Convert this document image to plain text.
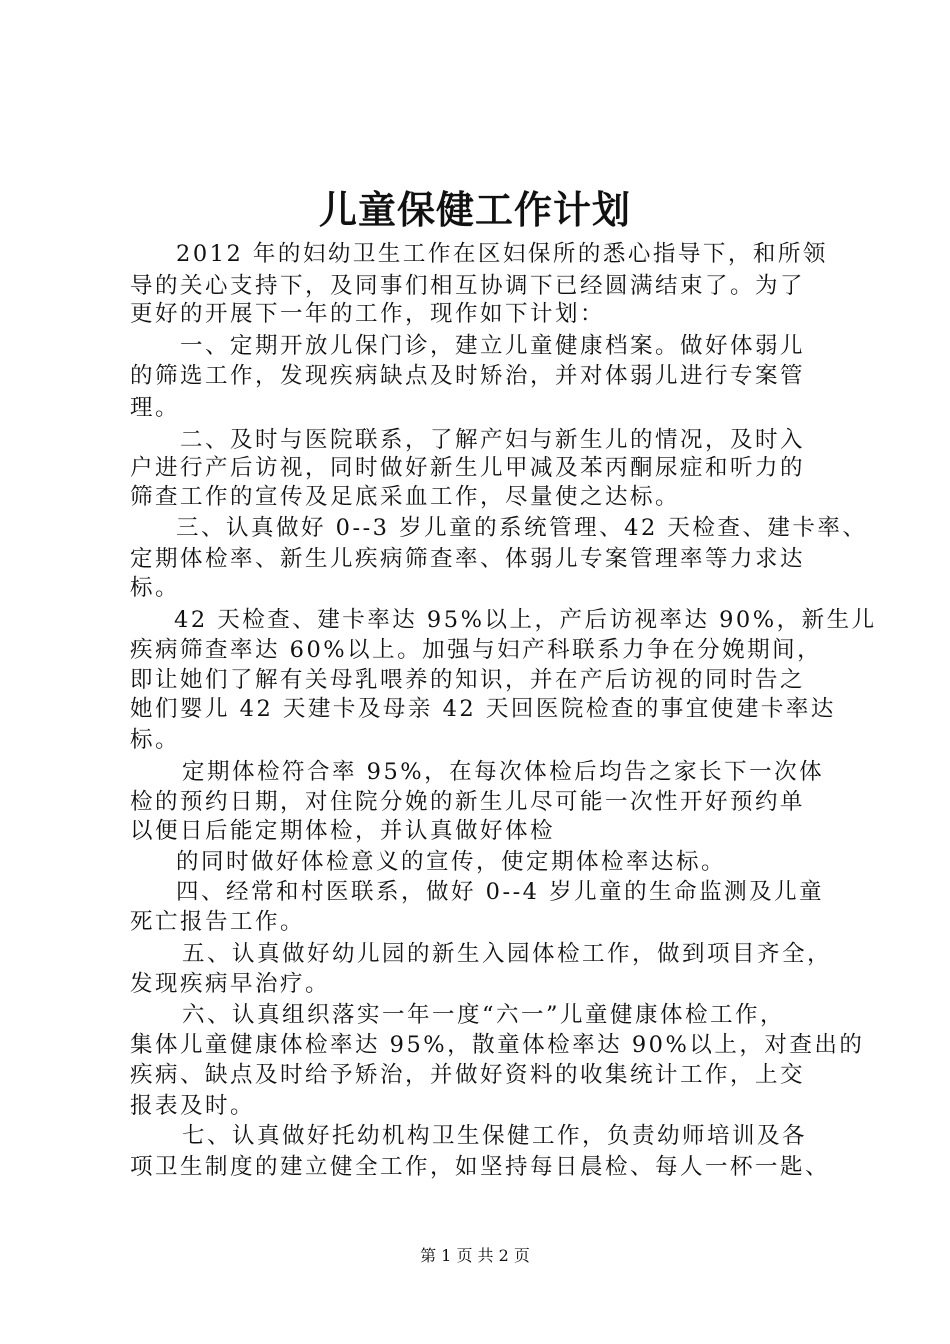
儿童保健工作计划
2012 年的妇幼卫生工作在区妇保所的悉心指导下，和所领
导的关心支持下，及同事们相互协调下已经圆满结束了。为了
更好的开展下一年的工作，现作如下计划：
一、定期开放儿保门诊，建立儿童健康档案。做好体弱儿
的筛选工作，发现疾病缺点及时矫治，并对体弱儿进行专案管
理。
二、及时与医院联系，了解产妇与新生儿的情况，及时入
户进行产后访视，同时做好新生儿甲减及苯丙酮尿症和听力的
筛查工作的宣传及足底采血工作，尽量使之达标。
三、认真做好 0--3 岁儿童的系统管理、42 天检查、建卡率、
定期体检率、新生儿疾病筛查率、体弱儿专案管理率等力求达
标。
42 天检查、建卡率达 95%以上，产后访视率达 90%，新生儿
疾病筛查率达 60%以上。加强与妇产科联系力争在分娩期间，
即让她们了解有关母乳喂养的知识，并在产后访视的同时告之
她们婴儿 42 天建卡及母亲 42 天回医院检查的事宜使建卡率达
标。
定期体检符合率 95%，在每次体检后均告之家长下一次体
检的预约日期，对住院分娩的新生儿尽可能一次性开好预约单
以便日后能定期体检，并认真做好体检
的同时做好体检意义的宣传，使定期体检率达标。
四、经常和村医联系，做好 0--4 岁儿童的生命监测及儿童
死亡报告工作。
五、认真做好幼儿园的新生入园体检工作，做到项目齐全，
发现疾病早治疗。
六、认真组织落实一年一度“六一”儿童健康体检工作，
集体儿童健康体检率达 95%，散童体检率达 90%以上，对查出的
疾病、缺点及时给予矫治，并做好资料的收集统计工作，上交
报表及时。
七、认真做好托幼机构卫生保健工作，负责幼师培训及各
项卫生制度的建立健全工作，如坚持每日晨检、每人一杯一匙、
第 1 页 共 2 页
